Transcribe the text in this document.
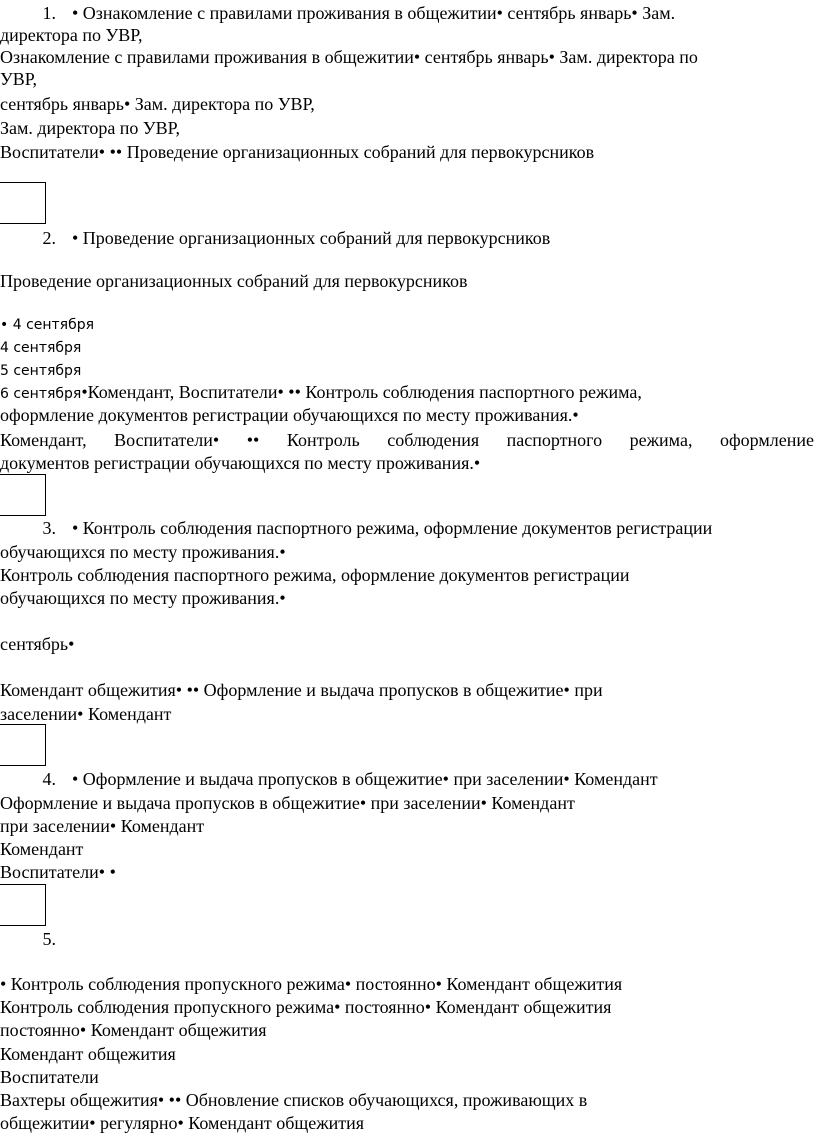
1. • Ознакомление с правилами проживания в общежитии• сентябрь январь• Зам.
директора по УВР,
Ознакомление с правилами проживания в общежитии• сентябрь январь• Зам. директора по
УВР,
сентябрь январь• Зам. директора по УВР,
Зам. директора по УВР,
Воспитатели• •• Проведение организационных собраний для первокурсников
2. • Проведение организационных собраний для первокурсников
Проведение организационных собраний для первокурсников
• 4 сентября
4 сентября
5 сентября
6 сентября•Комендант, Воспитатели• •• Контроль соблюдения паспортного режима,
оформление документов регистрации обучающихся по месту проживания.•
Комендант, Воспитатели• •• Контроль соблюдения паспортного режима, оформление
документов регистрации обучающихся по месту проживания.•
3. • Контроль соблюдения паспортного режима, оформление документов регистрации
обучающихся по месту проживания.•
Контроль соблюдения паспортного режима, оформление документов регистрации
обучающихся по месту проживания.•
сентябрь•
Комендант общежития• •• Оформление и выдача пропусков в общежитие• при
заселении• Комендант
4. • Оформление и выдача пропусков в общежитие• при заселении• Комендант
Оформление и выдача пропусков в общежитие• при заселении• Комендант
при заселении• Комендант
Комендант
Воспитатели• •
5.
• Контроль соблюдения пропускного режима• постоянно• Комендант общежития
Контроль соблюдения пропускного режима• постоянно• Комендант общежития
постоянно• Комендант общежития
Комендант общежития
Воспитатели
Вахтеры общежития• •• Обновление списков обучающихся, проживающих в
общежитии• регулярно• Комендант общежития
